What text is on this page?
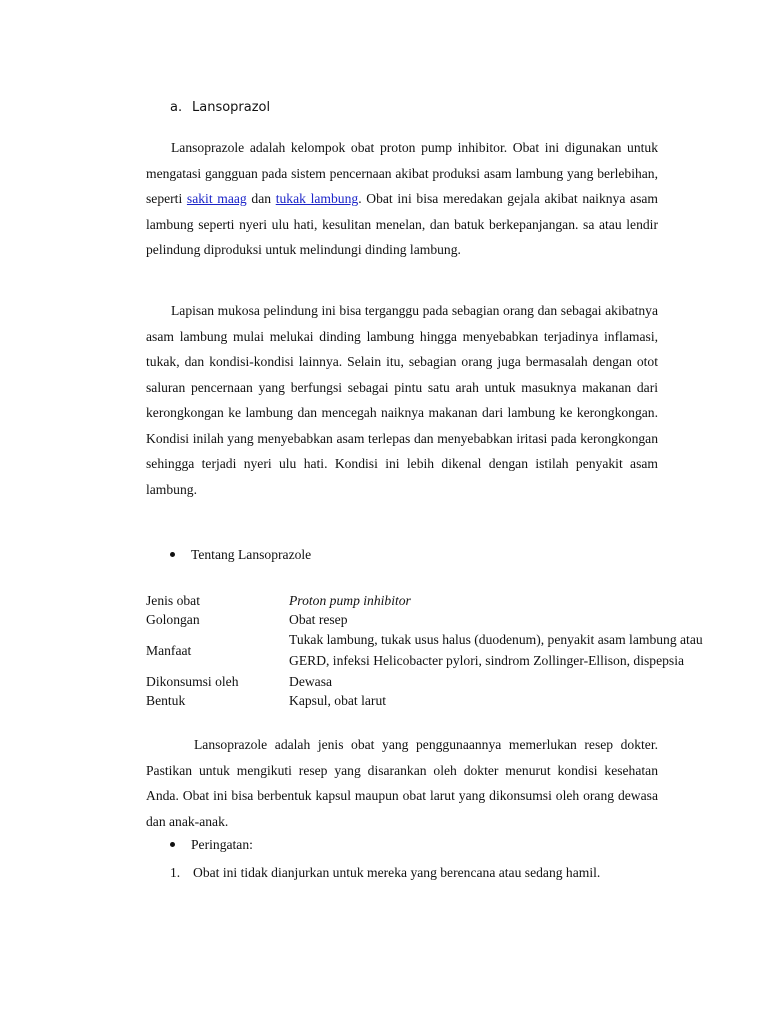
a. Lansoprazol

Lansoprazole adalah kelompok obat proton pump inhibitor. Obat ini digunakan untuk mengatasi gangguan pada sistem pencernaan akibat produksi asam lambung yang berlebihan, seperti sakit maag dan tukak lambung. Obat ini bisa meredakan gejala akibat naiknya asam lambung seperti nyeri ulu hati, kesulitan menelan, dan batuk berkepanjangan. sa atau lendir pelindung diproduksi untuk melindungi dinding lambung.

Lapisan mukosa pelindung ini bisa terganggu pada sebagian orang dan sebagai akibatnya asam lambung mulai melukai dinding lambung hingga menyebabkan terjadinya inflamasi, tukak, dan kondisi-kondisi lainnya. Selain itu, sebagian orang juga bermasalah dengan otot saluran pencernaan yang berfungsi sebagai pintu satu arah untuk masuknya makanan dari kerongkongan ke lambung dan mencegah naiknya makanan dari lambung ke kerongkongan. Kondisi inilah yang menyebabkan asam terlepas dan menyebabkan iritasi pada kerongkongan sehingga terjadi nyeri ulu hati. Kondisi ini lebih dikenal dengan istilah penyakit asam lambung.

Tentang Lansoprazole
Jenis obat	Proton pump inhibitor
Golongan	Obat resep
Manfaat
Tukak lambung, tukak usus halus (duodenum), penyakit asam lambung atau
GERD, infeksi Helicobacter pylori, sindrom Zollinger-Ellison, dispepsia
Dikonsumsi oleh	Dewasa
Bentuk	Kapsul, obat larut

Lansoprazole adalah jenis obat yang penggunaannya memerlukan resep dokter. Pastikan untuk mengikuti resep yang disarankan oleh dokter menurut kondisi kesehatan Anda. Obat ini bisa berbentuk kapsul maupun obat larut yang dikonsumsi oleh orang dewasa dan anak-anak.

Peringatan:
1. Obat ini tidak dianjurkan untuk mereka yang berencana atau sedang hamil.
